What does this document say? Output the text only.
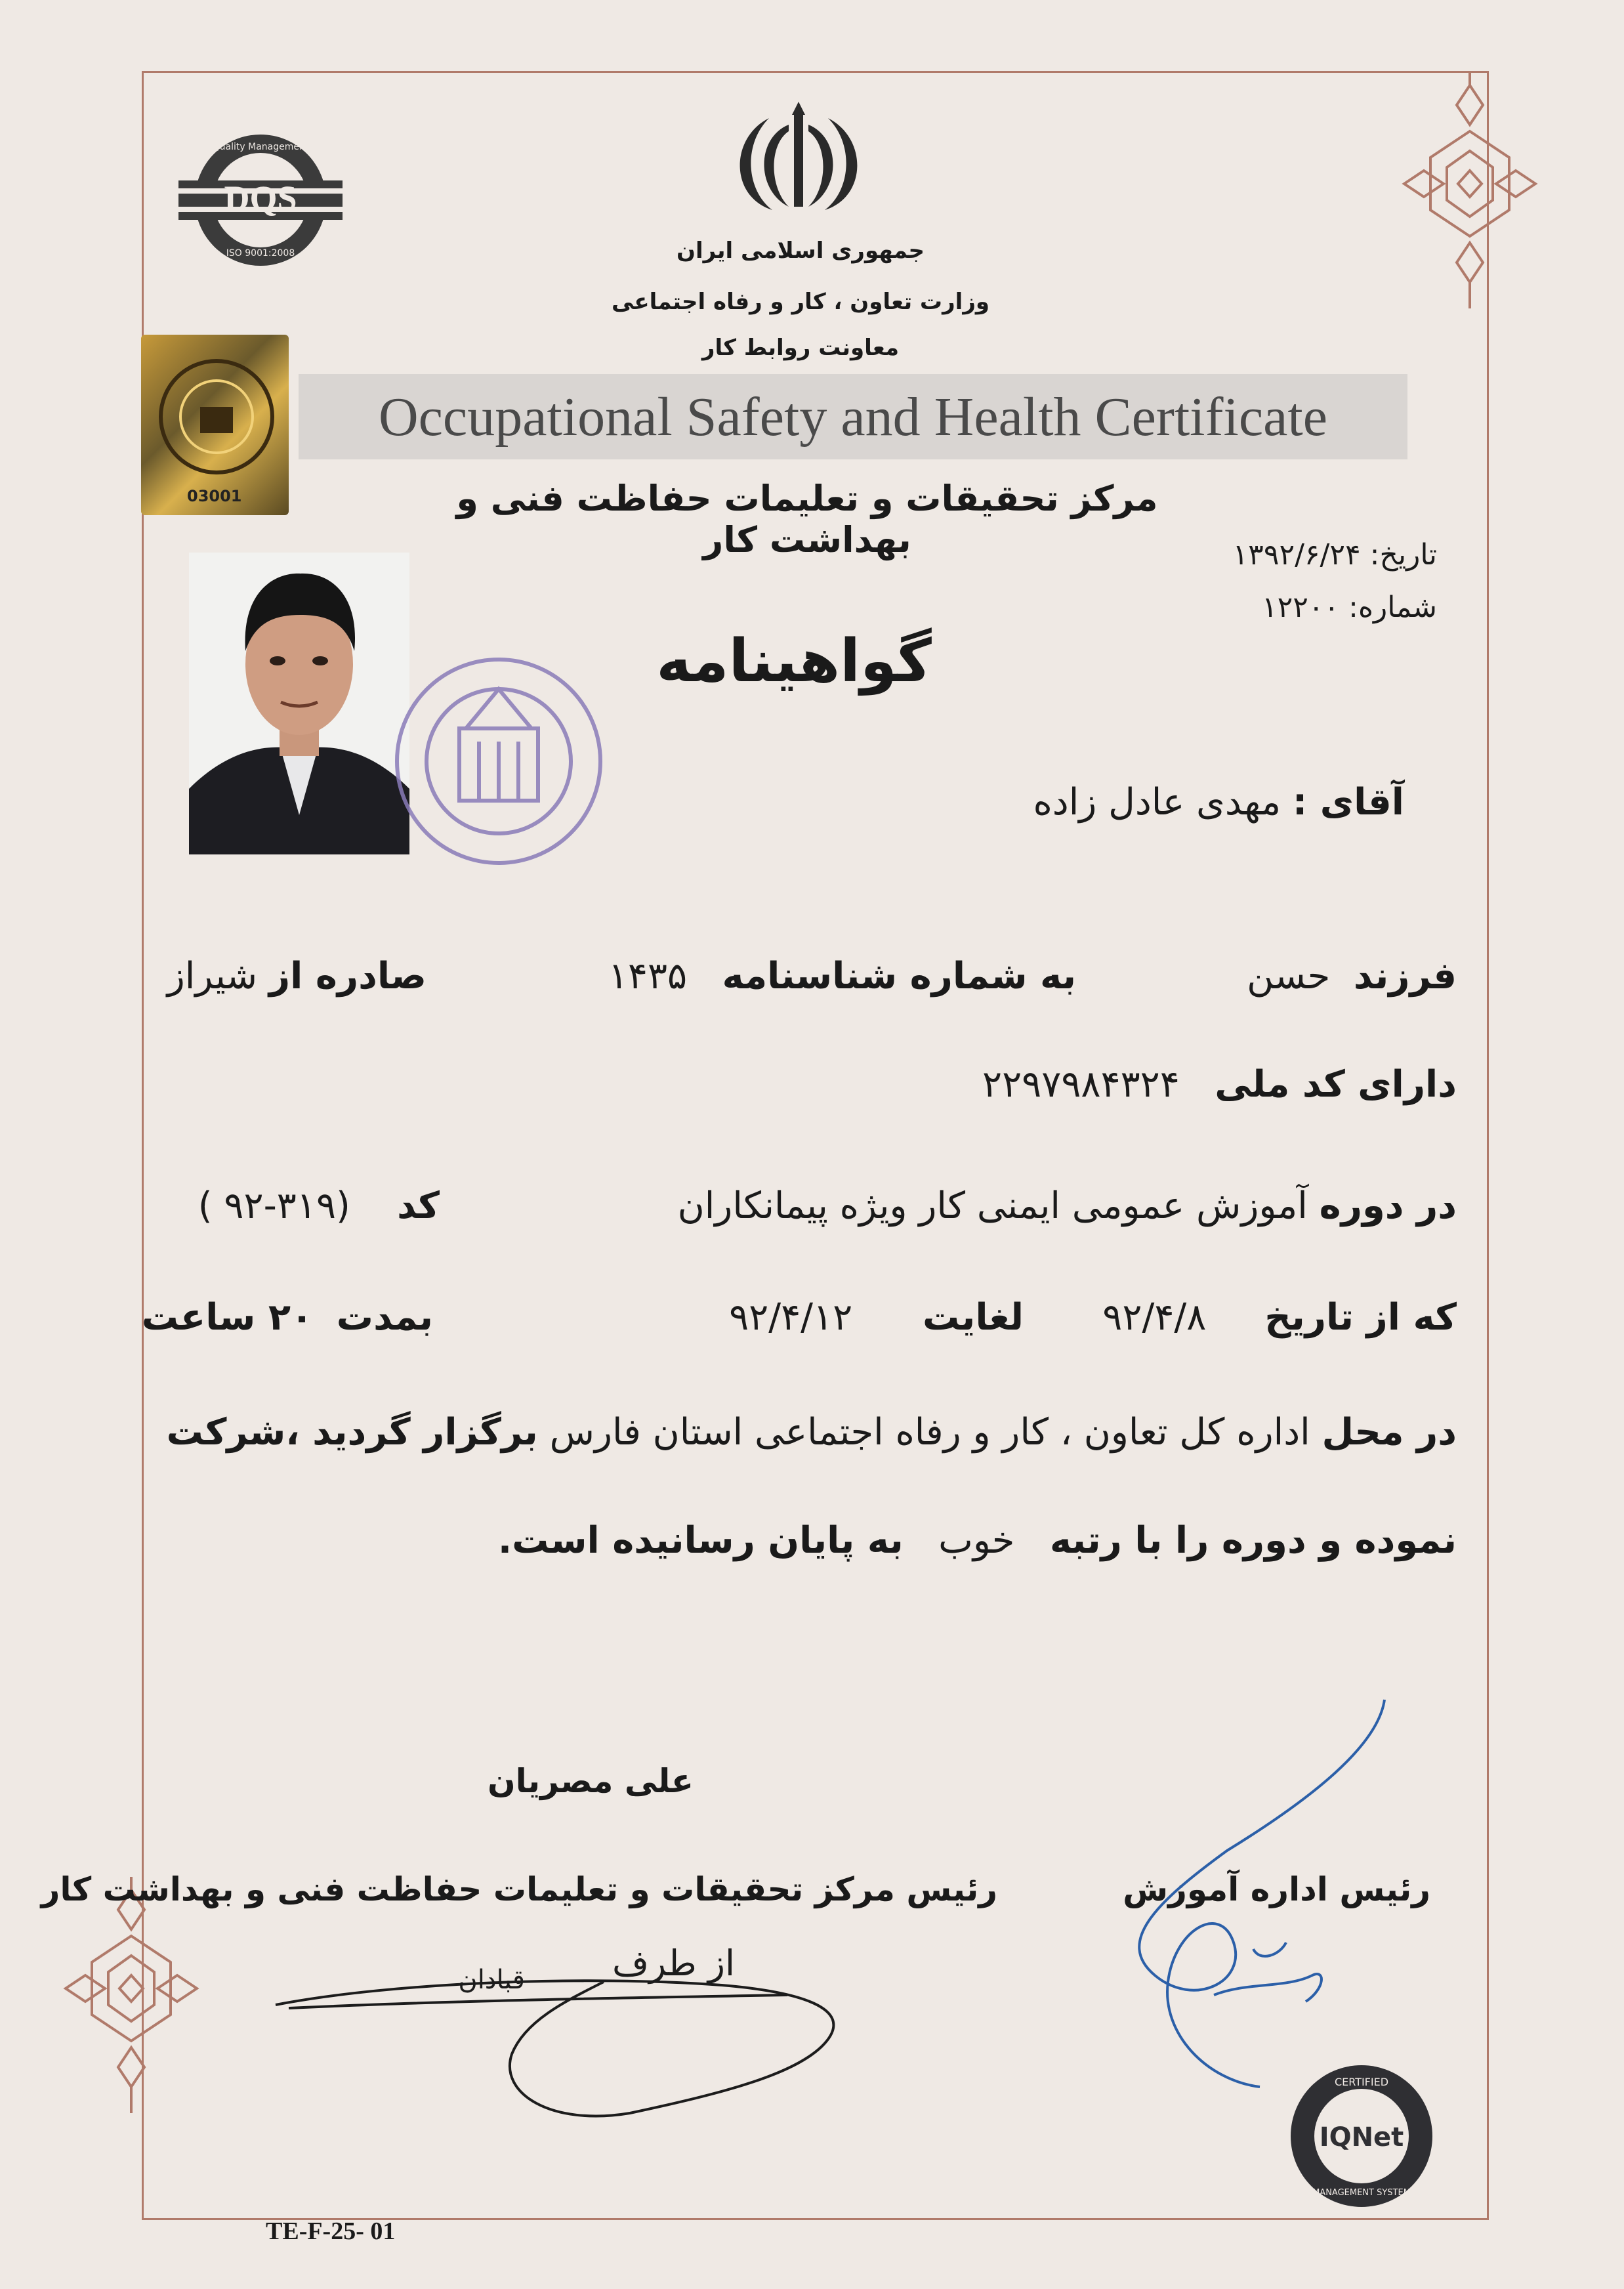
DQS
Quality Management
ISO 9001:2008
03001
جمهوری اسلامی ایران
وزارت تعاون ، کار و رفاه اجتماعی
معاونت روابط کار
Occupational Safety and Health Certificate
مرکز تحقیقات و تعلیمات حفاظت فنی و بهداشت کار	تاریخ: ۱۳۹۲/۶/۲۴
شماره: ۱۲۲۰۰
گواهینامه
آقای : مهدی عادل زاده
فرزند  حسن
به شماره شناسنامه   ۱۴۳۵
صادره از شیراز
دارای کد ملی   ۲۲۹۷۹۸۴۳۲۴
در دوره آموزش عمومی ایمنی کار ویژه پیمانکاران
کد    (۳۱۹-۹۲ )
که از تاریخ     ۹۲/۴/۸
لغایت      ۹۲/۴/۱۲
بمدت  ۲۰ ساعت
در محل اداره کل تعاون ، کار و رفاه اجتماعی استان فارس برگزار گردید ،شرکت
نموده و دوره را با رتبه   خوب   به پایان رسانیده است.
علی مصریان
رئیس مرکز تحقیقات و تعلیمات حفاظت فنی و بهداشت کار	رئیس اداره آموزش
از طرف
قبادان
IQNet
CERTIFIED
MANAGEMENT SYSTEM
TE-F-25- 01
